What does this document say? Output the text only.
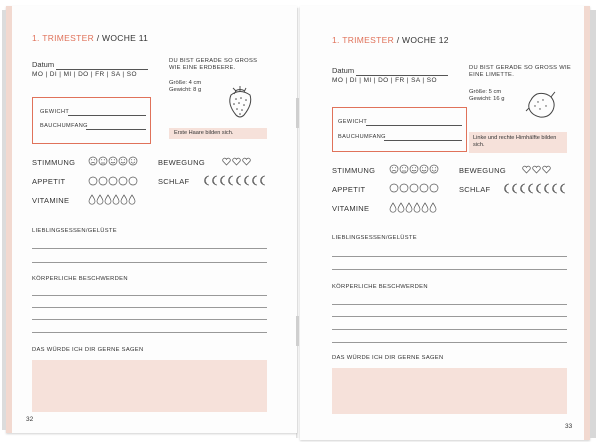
1. TRIMESTER / WOCHE 11
Datum
MO | DI | MI | DO | FR | SA | SO
DU BIST GERADE SO GROSS WIE EINE ERDBEERE.
Größe: 4 cm
Gewicht: 8 g
GEWICHT
BAUCHUMFANG
Erste Haare bilden sich.
STIMMUNG	BEWEGUNG
APPETIT	SCHLAF
VITAMINE
LIEBLINGSESSEN/GELÜSTE
KÖRPERLICHE BESCHWERDEN
DAS WÜRDE ICH DIR GERNE SAGEN
32
1. TRIMESTER / WOCHE 12
Datum
MO | DI | MI | DO | FR | SA | SO
DU BIST GERADE SO GROSS WIE EINE LIMETTE.
Größe: 5 cm
Gewicht: 16 g
GEWICHT
BAUCHUMFANG	Linke und rechte Hirnhälfte bilden sich.
STIMMUNG	BEWEGUNG
APPETIT	SCHLAF
VITAMINE
LIEBLINGSESSEN/GELÜSTE
KÖRPERLICHE BESCHWERDEN
DAS WÜRDE ICH DIR GERNE SAGEN
33
